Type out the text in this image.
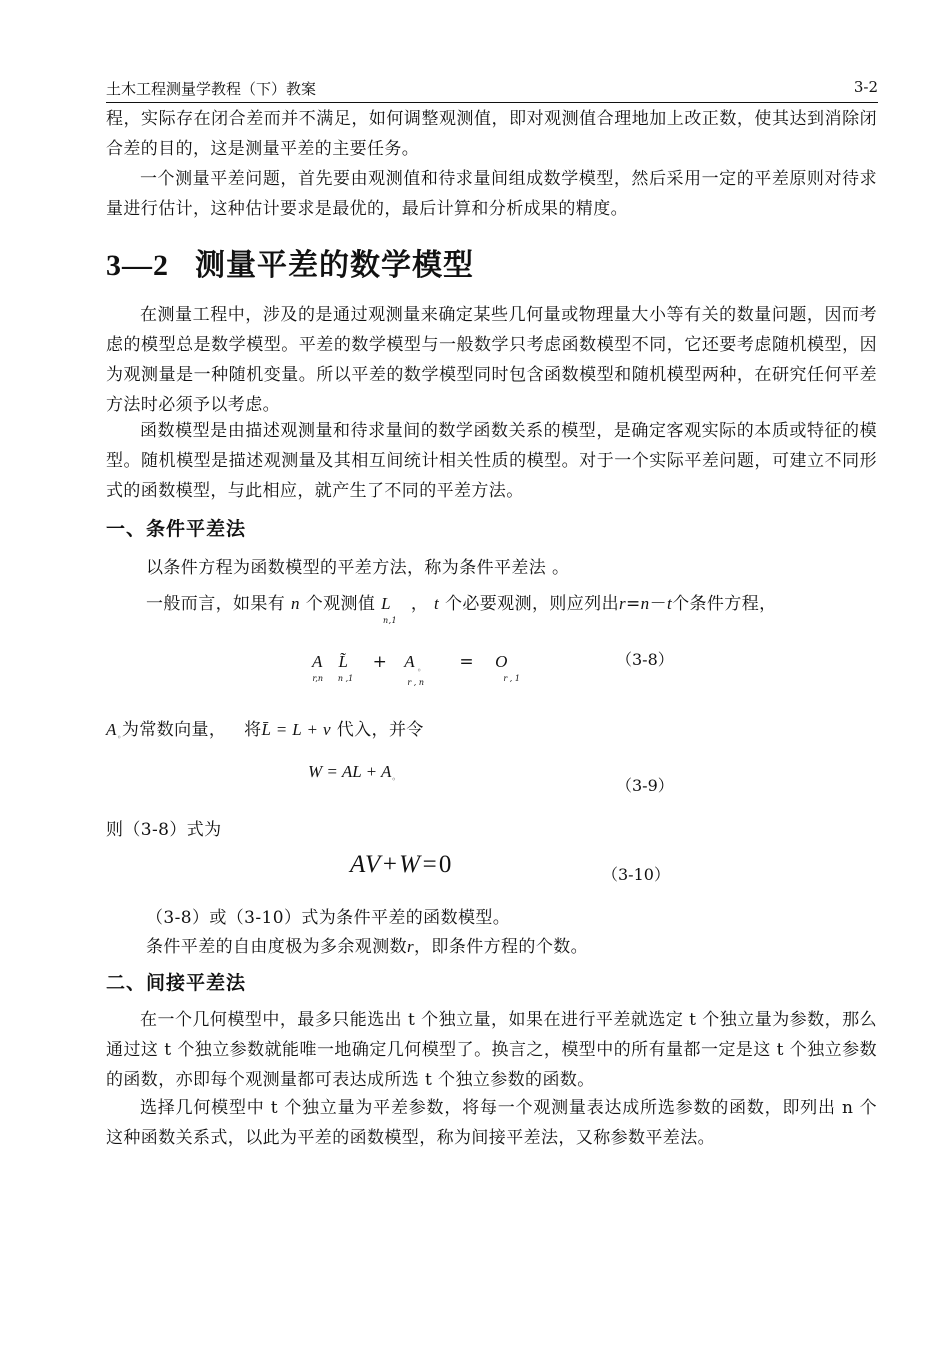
土木工程测量学教程（下）教案	3-2

程，实际存在闭合差而并不满足，如何调整观测值，即对观测值合理地加上改正数，使其达到消除闭合差的目的，这是测量平差的主要任务。

一个测量平差问题，首先要由观测值和待求量间组成数学模型，然后采用一定的平差原则对待求量进行估计，这种估计要求是最优的，最后计算和分析成果的精度。

3—2 测量平差的数学模型

在测量工程中，涉及的是通过观测量来确定某些几何量或物理量大小等有关的数量问题，因而考虑的模型总是数学模型。平差的数学模型与一般数学只考虑函数模型不同，它还要考虑随机模型，因为观测量是一种随机变量。所以平差的数学模型同时包含函数模型和随机模型两种，在研究任何平差方法时必须予以考虑。

函数模型是由描述观测量和待求量间的数学函数关系的模型，是确定客观实际的本质或特征的模型。随机模型是描述观测量及其相互间统计相关性质的模型。对于一个实际平差问题，可建立不同形式的函数模型，与此相应，就产生了不同的平差方法。

一、条件平差法
以条件方程为函数模型的平差方法，称为条件平差法 。
一般而言，如果有 n 个观测值 $L_{n,1}$ ， t 个必要观测，则应列出r=n－t个条件方程，
$A_{r,n}$ $L̃_{n ,1} + A$ $_{◦r , n} = O_{r , 1}$
（3-8）
$A_◦$为常数向量， 将L̄ = L + v 代入，并令
W = AL + $A_◦$	（3-9）
则（3-8）式为
AV+W=0	（3-10）
（3-8）或（3-10）式为条件平差的函数模型。
条件平差的自由度极为多余观测数r，即条件方程的个数。
二、间接平差法

在一个几何模型中，最多只能选出 t 个独立量，如果在进行平差就选定 t 个独立量为参数，那么通过这 t 个独立参数就能唯一地确定几何模型了。换言之，模型中的所有量都一定是这 t 个独立参数的函数，亦即每个观测量都可表达成所选 t 个独立参数的函数。

选择几何模型中 t 个独立量为平差参数，将每一个观测量表达成所选参数的函数，即列出 n 个这种函数关系式，以此为平差的函数模型，称为间接平差法，又称参数平差法。
